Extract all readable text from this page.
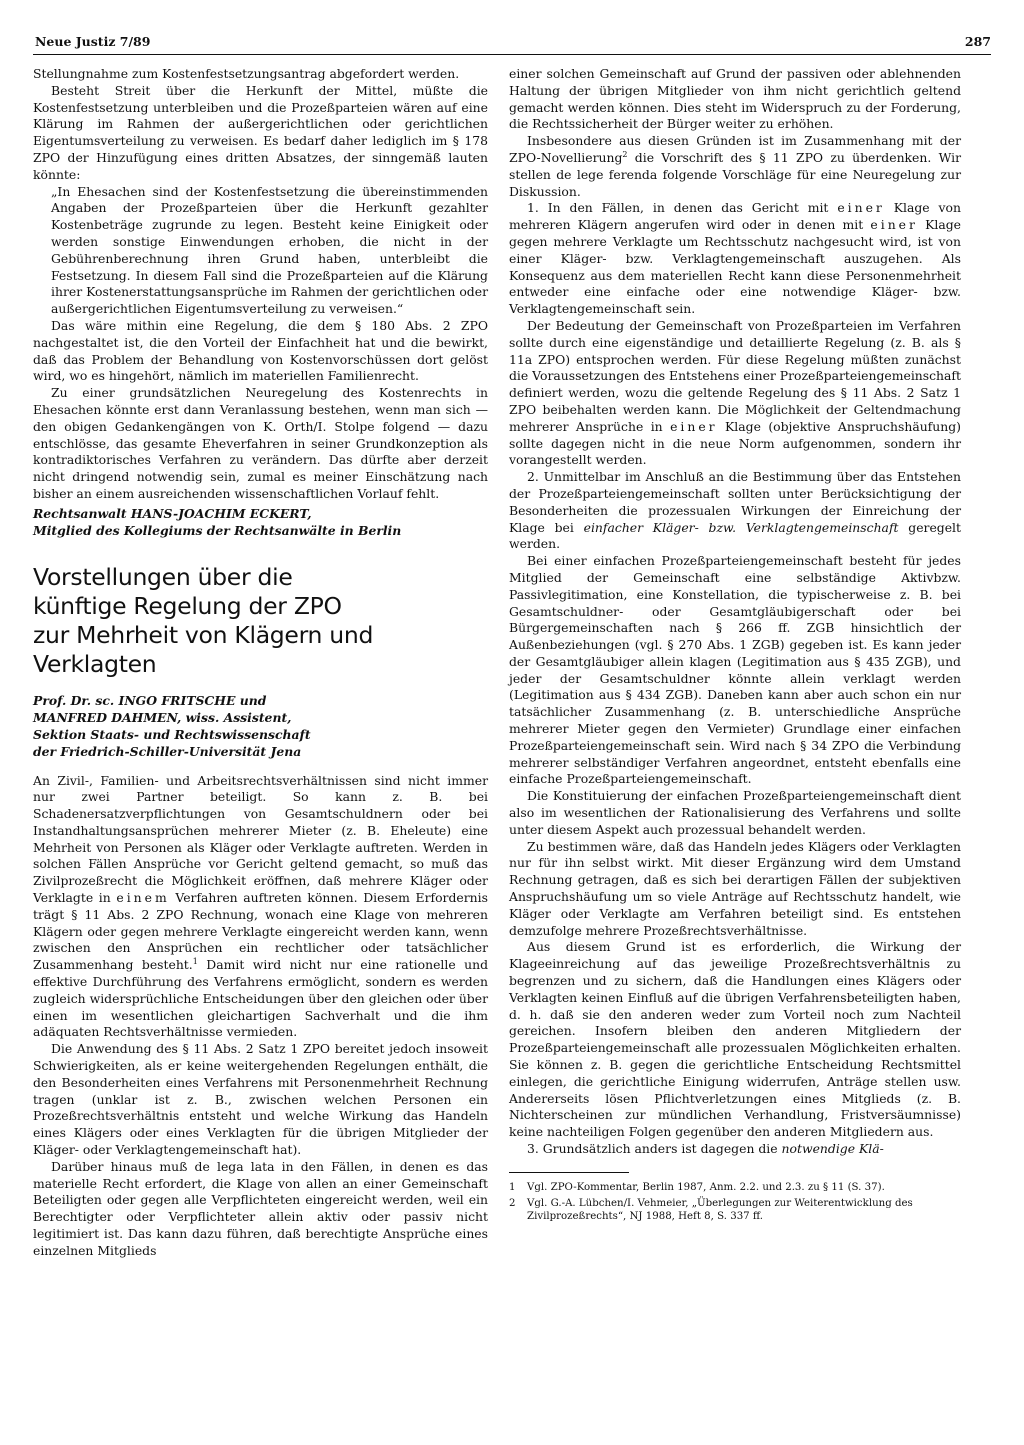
Neue Justiz 7/89	287

Stellungnahme zum Kostenfestsetzungsantrag abgefordert werden.

Besteht Streit über die Herkunft der Mittel, müßte die Kostenfestsetzung unterbleiben und die Prozeßparteien wären auf eine Klärung im Rahmen der außergerichtlichen oder gerichtlichen Eigentumsverteilung zu verweisen. Es bedarf daher lediglich im § 178 ZPO der Hinzufügung eines dritten Absatzes, der sinngemäß lauten könnte:

„In Ehesachen sind der Kostenfestsetzung die übereinstimmenden Angaben der Prozeßparteien über die Herkunft gezahlter Kostenbeträge zugrunde zu legen. Besteht keine Einigkeit oder werden sonstige Einwendungen erhoben, die nicht in der Gebührenberechnung ihren Grund haben, unterbleibt die Festsetzung. In diesem Fall sind die Prozeßparteien auf die Klärung ihrer Kostenerstattungsansprüche im Rahmen der gerichtlichen oder außergerichtlichen Eigentumsverteilung zu verweisen.“

Das wäre mithin eine Regelung, die dem § 180 Abs. 2 ZPO nachgestaltet ist, die den Vorteil der Einfachheit hat und die bewirkt, daß das Problem der Behandlung von Kostenvorschüssen dort gelöst wird, wo es hingehört, nämlich im materiellen Familienrecht.

Zu einer grundsätzlichen Neuregelung des Kostenrechts in Ehesachen könnte erst dann Veranlassung bestehen, wenn man sich — den obigen Gedankengängen von K. Orth/I. Stolpe folgend — dazu entschlösse, das gesamte Eheverfahren in seiner Grundkonzeption als kontradiktorisches Verfahren zu verändern. Das dürfte aber derzeit nicht dringend notwendig sein, zumal es meiner Einschätzung nach bisher an einem ausreichenden wissenschaftlichen Vorlauf fehlt.

Rechtsanwalt HANS-JOACHIM ECKERT,
Mitglied des Kollegiums der Rechtsanwälte in Berlin
Vorstellungen über die
künftige Regelung der ZPO
zur Mehrheit von Klägern und Verklagten
Prof. Dr. sc. INGO FRITSCHE und
MANFRED DAHMEN, wiss. Assistent,
Sektion Staats- und Rechtswissenschaft
der Friedrich-Schiller-Universität Jena

An Zivil-, Familien- und Arbeitsrechtsverhältnissen sind nicht immer nur zwei Partner beteiligt. So kann z. B. bei Schadenersatzverpflichtungen von Gesamtschuldnern oder bei Instandhaltungsansprüchen mehrerer Mieter (z. B. Eheleute) eine Mehrheit von Personen als Kläger oder Verklagte auftreten. Werden in solchen Fällen Ansprüche vor Gericht geltend gemacht, so muß das Zivilprozeßrecht die Möglichkeit eröffnen, daß mehrere Kläger oder Verklagte in einem Verfahren auftreten können. Diesem Erfordernis trägt § 11 Abs. 2 ZPO Rechnung, wonach eine Klage von mehreren Klägern oder gegen mehrere Verklagte eingereicht werden kann, wenn zwischen den Ansprüchen ein rechtlicher oder tatsächlicher Zusammenhang besteht.$^1$ Damit wird nicht nur eine rationelle und effektive Durchführung des Verfahrens ermöglicht, sondern es werden zugleich widersprüchliche Entscheidungen über den gleichen oder über einen im wesentlichen gleichartigen Sachverhalt und die ihm adäquaten Rechtsverhältnisse vermieden.

Die Anwendung des § 11 Abs. 2 Satz 1 ZPO bereitet jedoch insoweit Schwierigkeiten, als er keine weitergehenden Regelungen enthält, die den Besonderheiten eines Verfahrens mit Personenmehrheit Rechnung tragen (unklar ist z. B., zwischen welchen Personen ein Prozeßrechtsverhältnis entsteht und welche Wirkung das Handeln eines Klägers oder eines Verklagten für die übrigen Mitglieder der Kläger- oder Verklagtengemeinschaft hat).

Darüber hinaus muß de lega lata in den Fällen, in denen es das materielle Recht erfordert, die Klage von allen an einer Gemeinschaft Beteiligten oder gegen alle Verpflichteten eingereicht werden, weil ein Berechtigter oder Verpflichteter allein aktiv oder passiv nicht legitimiert ist. Das kann dazu führen, daß berechtigte Ansprüche eines einzelnen Mitglieds

einer solchen Gemeinschaft auf Grund der passiven oder ablehnenden Haltung der übrigen Mitglieder von ihm nicht gerichtlich geltend gemacht werden können. Dies steht im Widerspruch zu der Forderung, die Rechtssicherheit der Bürger weiter zu erhöhen.

Insbesondere aus diesen Gründen ist im Zusammenhang mit der ZPO-Novellierung$^2$ die Vorschrift des § 11 ZPO zu überdenken. Wir stellen de lege ferenda folgende Vorschläge für eine Neuregelung zur Diskussion.

1. In den Fällen, in denen das Gericht mit einer Klage von mehreren Klägern angerufen wird oder in denen mit einer Klage gegen mehrere Verklagte um Rechtsschutz nachgesucht wird, ist von einer Kläger- bzw. Verklagtengemeinschaft auszugehen. Als Konsequenz aus dem materiellen Recht kann diese Personenmehrheit entweder eine einfache oder eine notwendige Kläger- bzw. Verklagtengemeinschaft sein.

Der Bedeutung der Gemeinschaft von Prozeßparteien im Verfahren sollte durch eine eigenständige und detaillierte Regelung (z. B. als § 11a ZPO) entsprochen werden. Für diese Regelung müßten zunächst die Voraussetzungen des Entstehens einer Prozeßparteiengemeinschaft definiert werden, wozu die geltende Regelung des § 11 Abs. 2 Satz 1 ZPO beibehalten werden kann. Die Möglichkeit der Geltendmachung mehrerer Ansprüche in einer Klage (objektive Anspruchshäufung) sollte dagegen nicht in die neue Norm aufgenommen, sondern ihr vorangestellt werden.

2. Unmittelbar im Anschluß an die Bestimmung über das Entstehen der Prozeßparteiengemeinschaft sollten unter Berücksichtigung der Besonderheiten die prozessualen Wirkungen der Einreichung der Klage bei einfacher Kläger- bzw. Verklagtengemeinschaft geregelt werden.

Bei einer einfachen Prozeßparteiengemeinschaft besteht für jedes Mitglied der Gemeinschaft eine selbständige Aktivbzw. Passivlegitimation, eine Konstellation, die typischerweise z. B. bei Gesamtschuldner- oder Gesamtgläubigerschaft oder bei Bürgergemeinschaften nach § 266 ff. ZGB hinsichtlich der Außenbeziehungen (vgl. § 270 Abs. 1 ZGB) gegeben ist. Es kann jeder der Gesamtgläubiger allein klagen (Legitimation aus § 435 ZGB), und jeder der Gesamtschuldner könnte allein verklagt werden (Legitimation aus § 434 ZGB). Daneben kann aber auch schon ein nur tatsächlicher Zusammenhang (z. B. unterschiedliche Ansprüche mehrerer Mieter gegen den Vermieter) Grundlage einer einfachen Prozeßparteiengemeinschaft sein. Wird nach § 34 ZPO die Verbindung mehrerer selbständiger Verfahren angeordnet, entsteht ebenfalls eine einfache Prozeßparteiengemeinschaft.

Die Konstituierung der einfachen Prozeßparteiengemeinschaft dient also im wesentlichen der Rationalisierung des Verfahrens und sollte unter diesem Aspekt auch prozessual behandelt werden.

Zu bestimmen wäre, daß das Handeln jedes Klägers oder Verklagten nur für ihn selbst wirkt. Mit dieser Ergänzung wird dem Umstand Rechnung getragen, daß es sich bei derartigen Fällen der subjektiven Anspruchshäufung um so viele Anträge auf Rechtsschutz handelt, wie Kläger oder Verklagte am Verfahren beteiligt sind. Es entstehen demzufolge mehrere Prozeßrechtsverhältnisse.

Aus diesem Grund ist es erforderlich, die Wirkung der Klageeinreichung auf das jeweilige Prozeßrechtsverhältnis zu begrenzen und zu sichern, daß die Handlungen eines Klägers oder Verklagten keinen Einfluß auf die übrigen Verfahrensbeteiligten haben, d. h. daß sie den anderen weder zum Vorteil noch zum Nachteil gereichen. Insofern bleiben den anderen Mitgliedern der Prozeßparteiengemeinschaft alle prozessualen Möglichkeiten erhalten. Sie können z. B. gegen die gerichtliche Entscheidung Rechtsmittel einlegen, die gerichtliche Einigung widerrufen, Anträge stellen usw. Andererseits lösen Pflichtverletzungen eines Mitglieds (z. B. Nichterscheinen zur mündlichen Verhandlung, Fristversäumnisse) keine nachteiligen Folgen gegenüber den anderen Mitgliedern aus.

3. Grundsätzlich anders ist dagegen die notwendige Klä-

1	Vgl. ZPO-Kommentar, Berlin 1987, Anm. 2.2. und 2.3. zu § 11 (S. 37).
2	Vgl. G.-A. Lübchen/I. Vehmeier, „Überlegungen zur Weiterentwicklung des Zivilprozeßrechts“, NJ 1988, Heft 8, S. 337 ff.
